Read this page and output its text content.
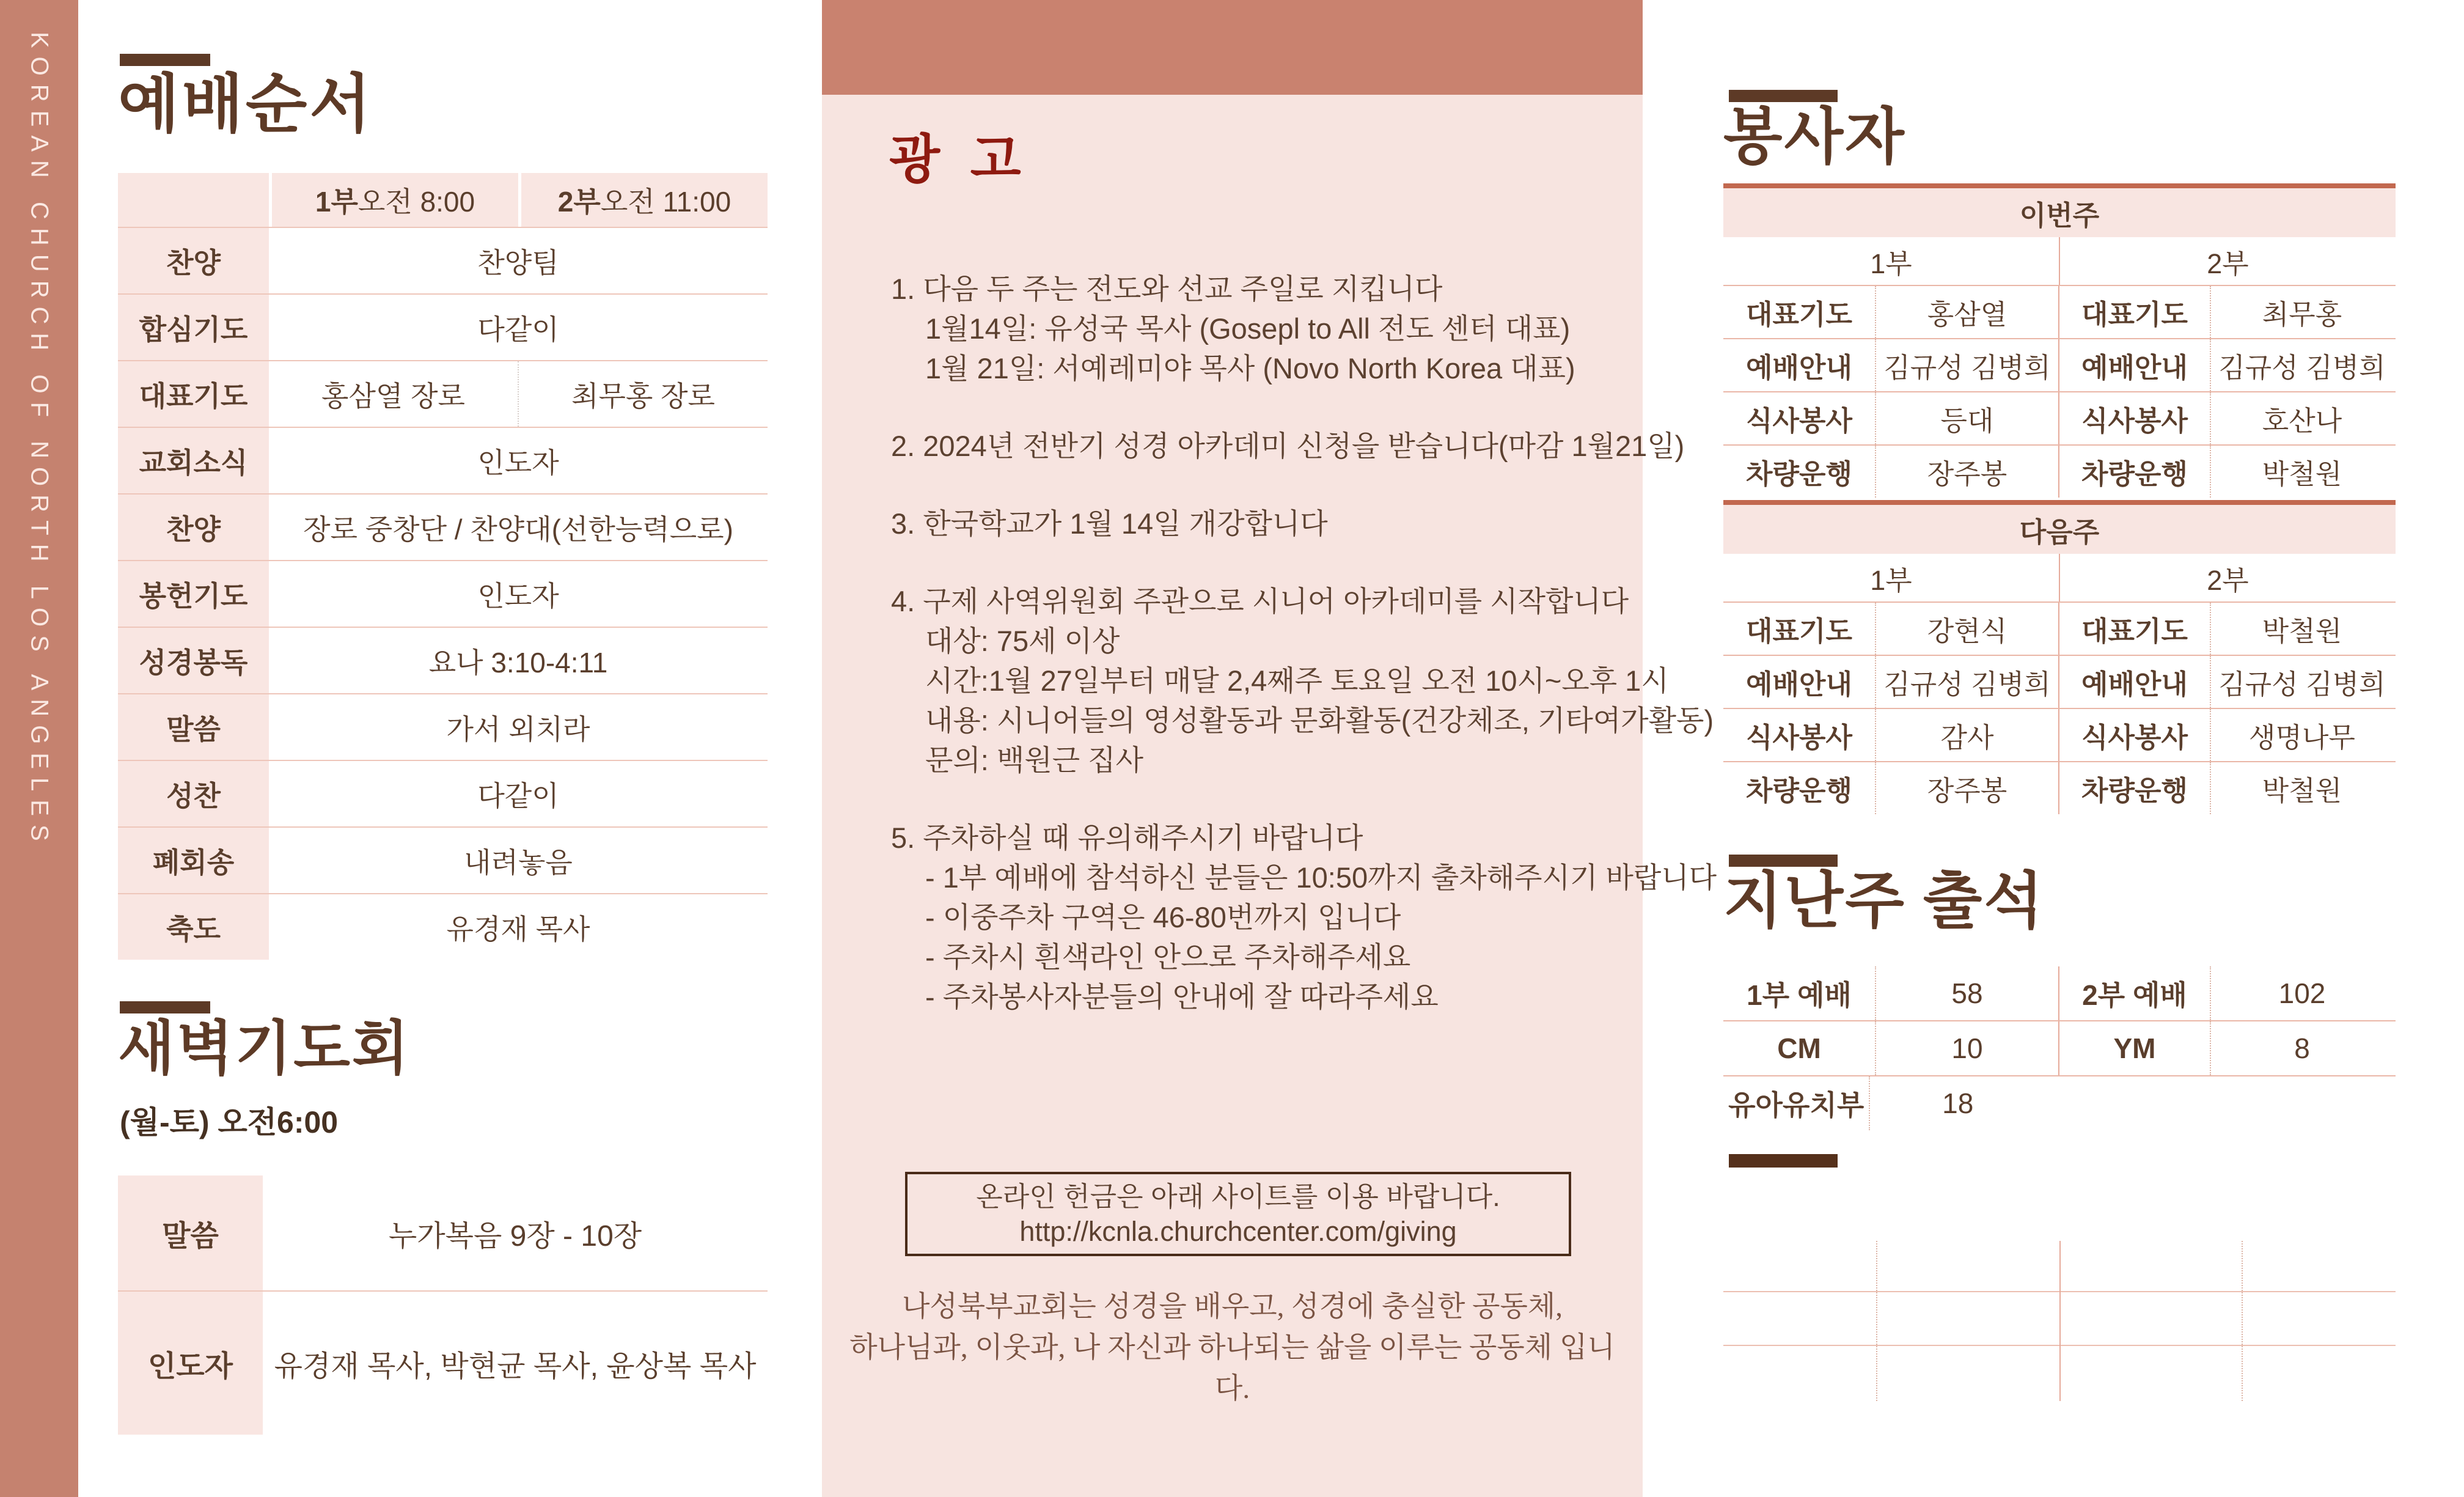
KOREAN CHURCH OF NORTH LOS ANGELES 예배순서
1부 오전 8:00	2부 오전 11:00
찬양	찬양팀
합심기도	다같이
대표기도	홍삼열 장로	최무홍 장로
교회소식	인도자
찬양	장로 중창단 / 찬양대(선한능력으로)
봉헌기도	인도자
성경봉독	요나 3:10-4:11
말씀	가서 외치라
성찬	다같이
폐회송	내려놓음
축도	유경재 목사
새벽기도회
(월-토) 오전6:00
말씀	누가복음 9장 - 10장
인도자	유경재 목사, 박현균 목사, 윤상복 목사
광 고
1. 다음 두 주는 전도와 선교 주일로 지킵니다
1월14일: 유성국 목사 (Gosepl to All 전도 센터 대표)
1월 21일: 서예레미야 목사 (Novo North Korea 대표)
2. 2024년 전반기 성경 아카데미 신청을 받습니다(마감 1월21일)
3. 한국학교가 1월 14일 개강합니다
4. 구제 사역위원회 주관으로 시니어 아카데미를 시작합니다
대상: 75세 이상
시간:1월 27일부터 매달 2,4째주 토요일 오전 10시~오후 1시
내용: 시니어들의 영성활동과 문화활동(건강체조, 기타여가활동)
문의: 백원근 집사
5. 주차하실 때 유의해주시기 바랍니다
- 1부 예배에 참석하신 분들은 10:50까지 출차해주시기 바랍니다
- 이중주차 구역은 46-80번까지 입니다
- 주차시 흰색라인 안으로 주차해주세요
- 주차봉사자분들의 안내에 잘 따라주세요
온라인 헌금은 아래 사이트를 이용 바랍니다.
http://kcnla.churchcenter.com/giving
나성북부교회는 성경을 배우고, 성경에 충실한 공동체,
하나님과, 이웃과, 나 자신과 하나되는 삶을 이루는 공동체 입니다.
봉사자
이번주
1부	2부
대표기도	홍삼열	대표기도	최무홍
예배안내	김규성 김병희	예배안내	김규성 김병희
식사봉사	등대	식사봉사	호산나
차량운행	장주봉	차량운행	박철원
다음주
1부	2부
대표기도	강현식	대표기도	박철원
예배안내	김규성 김병희	예배안내	김규성 김병희
식사봉사	감사	식사봉사	생명나무
차량운행	장주봉	차량운행	박철원
지난주 출석
1부 예배	58	2부 예배	102
CM	10	YM	8
유아유치부	18
